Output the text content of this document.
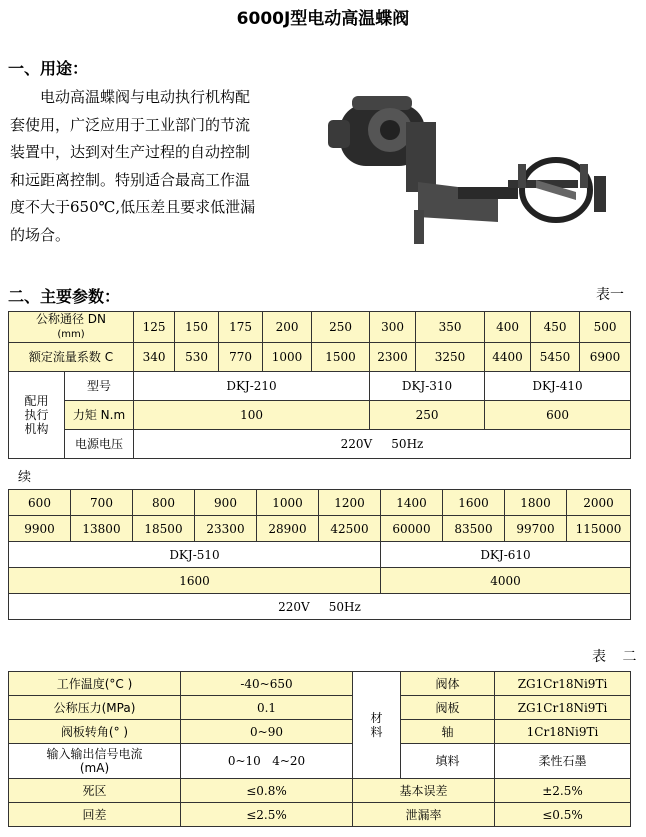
6000J型电动高温蝶阀
一、用途：
电动高温蝶阀与电动执行机构配套使用，广泛应用于工业部门的节流装置中，达到对生产过程的自动控制和远距离控制。特别适合最高工作温度不大于650℃,低压差且要求低泄漏的场合。
二、主要参数：	表一
公称通径 DN
(mm)		125	150	175	200	250	300	350	400	450	500
额定流量系数 C		340	530	770	1000	1500	2300	3250	4400	5450	6900
配用执行机构	型号	DKJ-210					DKJ-310		DKJ-410		
	力矩 N.m	100					250		600		
	电源电压	220V     50Hz									
续
600	700	800	900	1000	1200	1400	1600	1800	2000
9900	13800	18500	23300	28900	42500	60000	83500	99700	115000
DKJ-510						DKJ-610			
1600						4000			
220V     50Hz									
表 二
工作温度(°C )	-40~650	材料	阀体	ZG1Cr18Ni9Ti
公称压力(MPa)	0.1		阀板	ZG1Cr18Ni9Ti
阀板转角(° )	0~90		轴	1Cr18Ni9Ti
输入输出信号电流
(mA)	0~10   4~20		填料	柔性石墨
死区	≤0.8%	基本误差		±2.5%
回差	≤2.5%	泄漏率		≤0.5%
